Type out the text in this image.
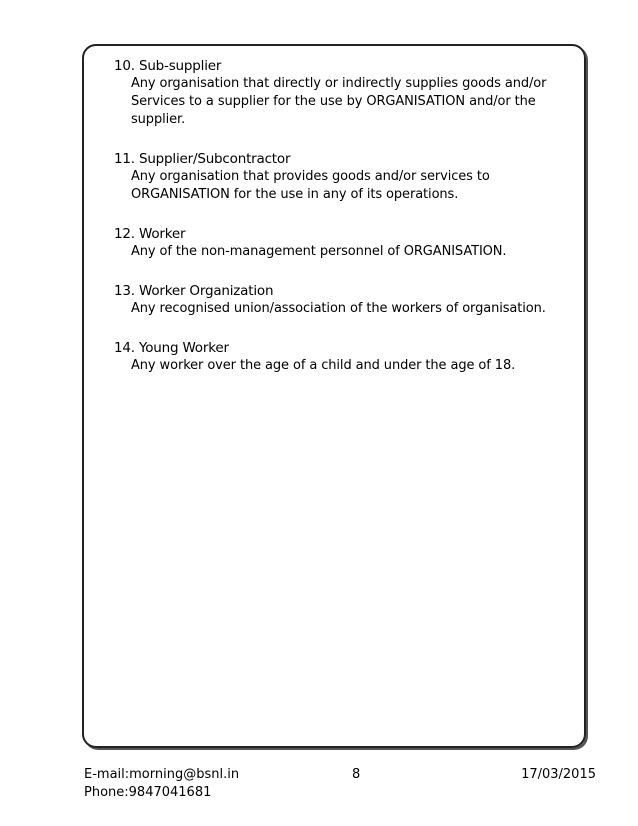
10. Sub-supplier
Any organisation that directly or indirectly supplies goods and/or Services to a supplier for the use by ORGANISATION and/or the supplier.
11. Supplier/Subcontractor
Any organisation that provides goods and/or services to ORGANISATION for the use in any of its operations.
12. Worker
Any of the non-management personnel of ORGANISATION.
13. Worker Organization
Any recognised union/association of the workers of organisation.
14. Young Worker
Any worker over the age of a child and under the age of 18.
E-mail:morning@bsnl.in	8	17/03/2015
Phone:9847041681
